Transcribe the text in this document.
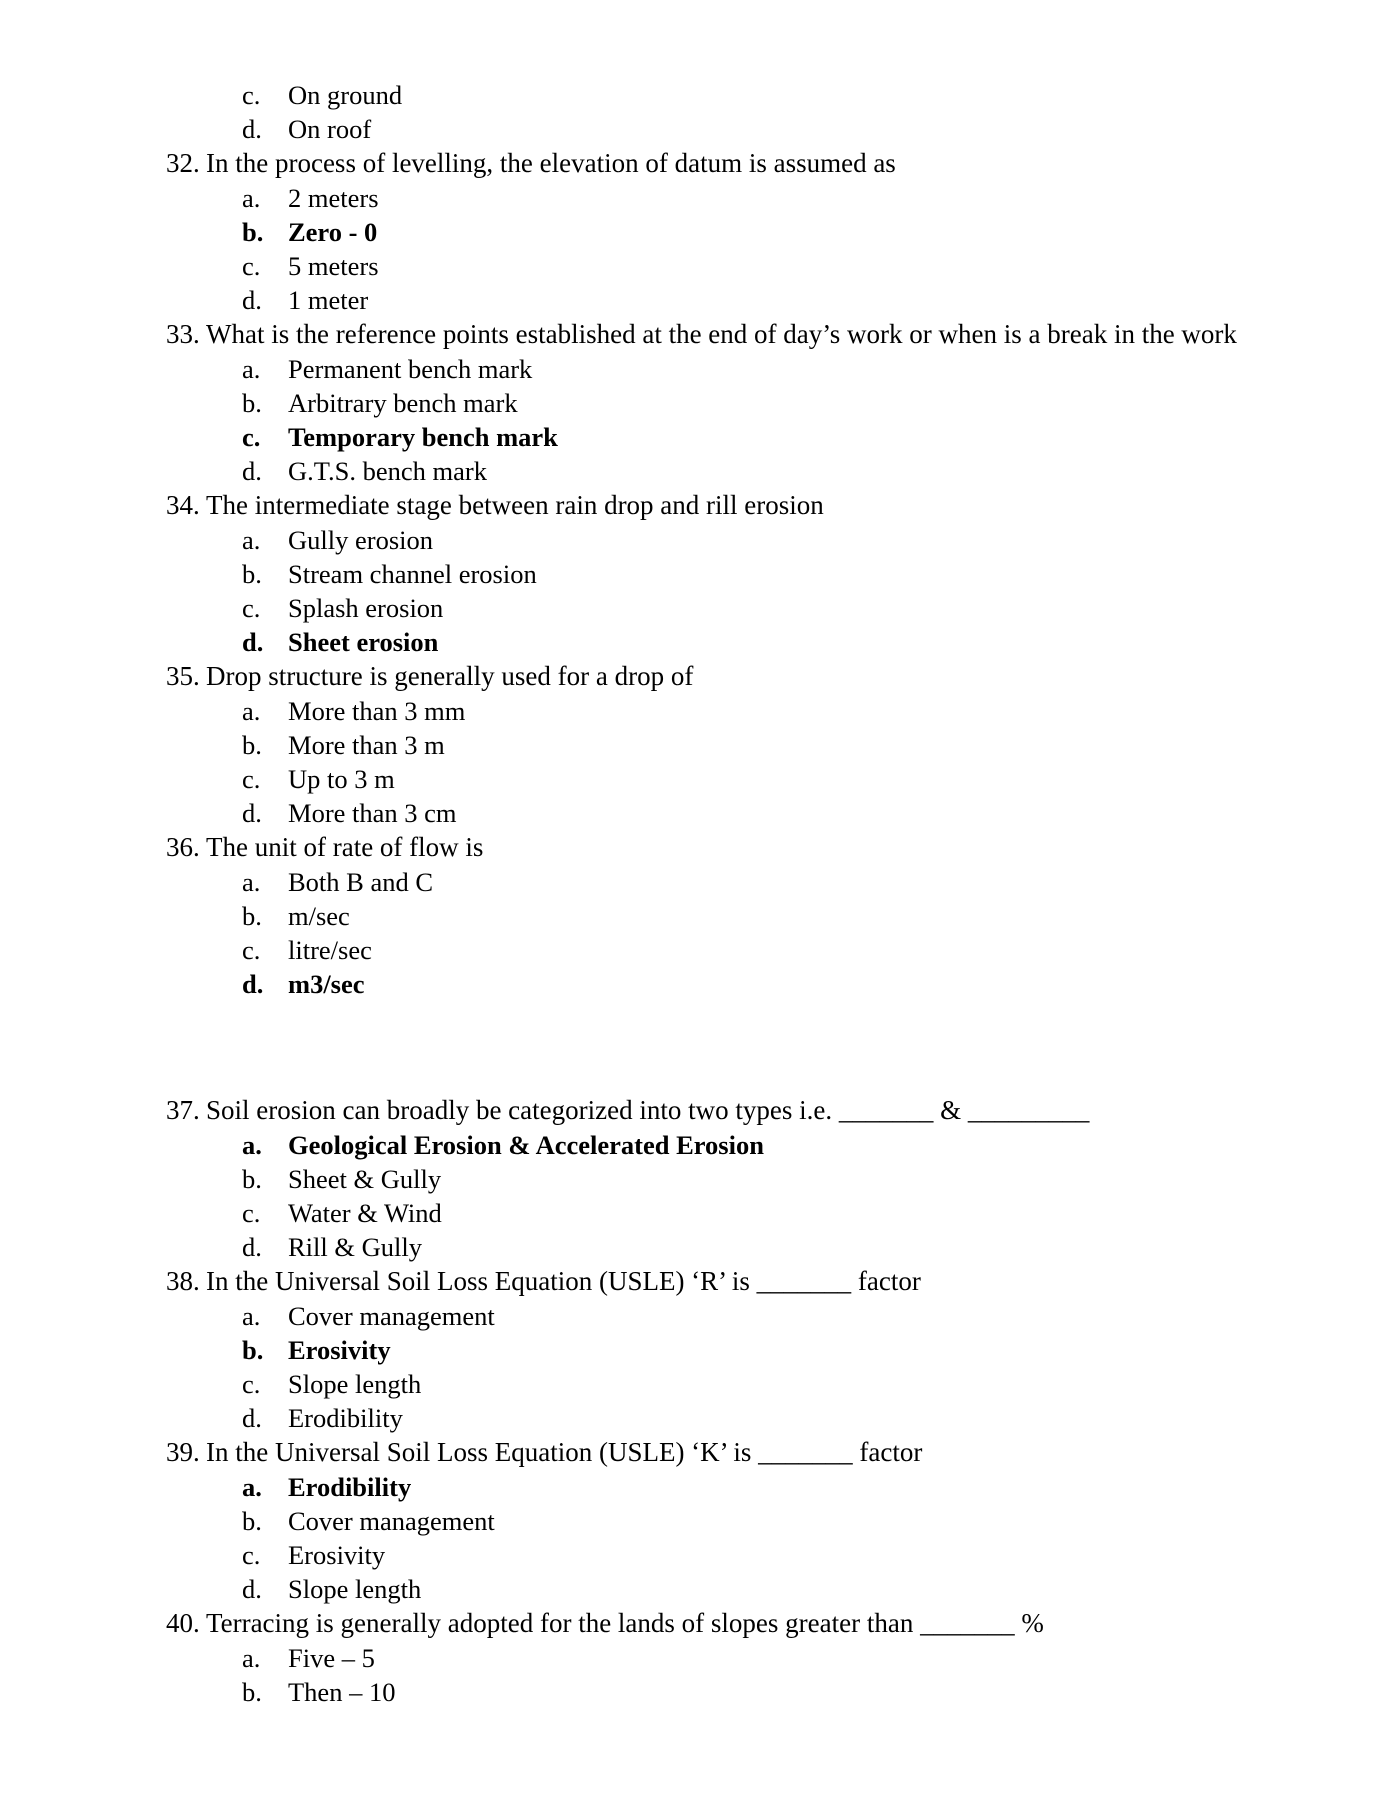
c.	On ground
d. On roof
32. In the process of levelling, the elevation of datum is assumed as
a.	2 meters
b. Zero - 0
c.	5 meters
d. 1 meter
33. What is the reference points established at the end of day’s work or when is a break in the work
a.	Permanent bench mark
b. Arbitrary bench mark
c.	Temporary bench mark
d. G.T.S. bench mark
34. The intermediate stage between rain drop and rill erosion
a.	Gully erosion
b. Stream channel erosion
c.	Splash erosion
d. Sheet erosion
35. Drop structure is generally used for a drop of
a.	More than 3 mm
b. More than 3 m
c.	Up to 3 m
d. More than 3 cm
36. The unit of rate of flow is
a.	Both B and C
b. m/sec
c.	litre/sec
d. m3/sec
37. Soil erosion can broadly be categorized into two types i.e. _______ & _________
a. Geological Erosion & Accelerated Erosion
b. Sheet & Gully
c.	Water & Wind
d. Rill & Gully
38. In the Universal Soil Loss Equation (USLE) ‘R’ is _______ factor
a.	Cover management
b. Erosivity
c.	Slope length
d. Erodibility
39. In the Universal Soil Loss Equation (USLE) ‘K’ is _______ factor
a. Erodibility
b. Cover management
c.	Erosivity
d. Slope length
40. Terracing is generally adopted for the lands of slopes greater than _______ %
a.	Five – 5
b. Then – 10
